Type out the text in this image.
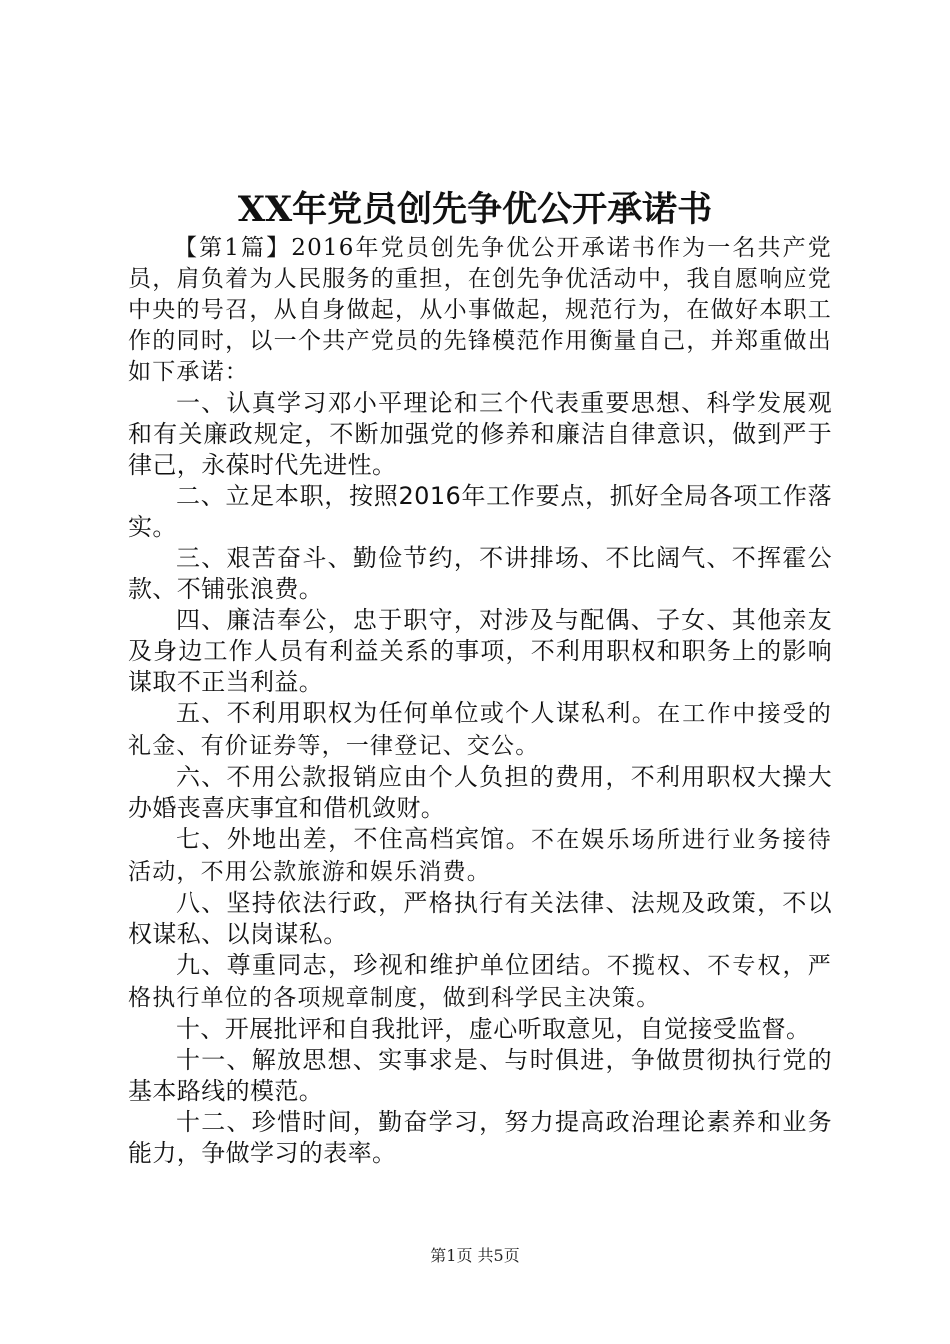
XX年党员创先争优公开承诺书

【第1篇】2016年党员创先争优公开承诺书作为一名共产党员，肩负着为人民服务的重担，在创先争优活动中，我自愿响应党中央的号召，从自身做起，从小事做起，规范行为，在做好本职工作的同时，以一个共产党员的先锋模范作用衡量自己，并郑重做出如下承诺：

一、认真学习邓小平理论和三个代表重要思想、科学发展观和有关廉政规定，不断加强党的修养和廉洁自律意识，做到严于律己，永葆时代先进性。

二、立足本职，按照2016年工作要点，抓好全局各项工作落实。

三、艰苦奋斗、勤俭节约，不讲排场、不比阔气、不挥霍公款、不铺张浪费。

四、廉洁奉公，忠于职守，对涉及与配偶、子女、其他亲友及身边工作人员有利益关系的事项，不利用职权和职务上的影响谋取不正当利益。

五、不利用职权为任何单位或个人谋私利。在工作中接受的礼金、有价证券等，一律登记、交公。

六、不用公款报销应由个人负担的费用，不利用职权大操大办婚丧喜庆事宜和借机敛财。

七、外地出差，不住高档宾馆。不在娱乐场所进行业务接待活动，不用公款旅游和娱乐消费。

八、坚持依法行政，严格执行有关法律、法规及政策，不以权谋私、以岗谋私。

九、尊重同志，珍视和维护单位团结。不揽权、不专权，严格执行单位的各项规章制度，做到科学民主决策。

十、开展批评和自我批评，虚心听取意见，自觉接受监督。

十一、解放思想、实事求是、与时俱进，争做贯彻执行党的基本路线的模范。

十二、珍惜时间，勤奋学习，努力提高政治理论素养和业务能力，争做学习的表率。

第1页 共5页
